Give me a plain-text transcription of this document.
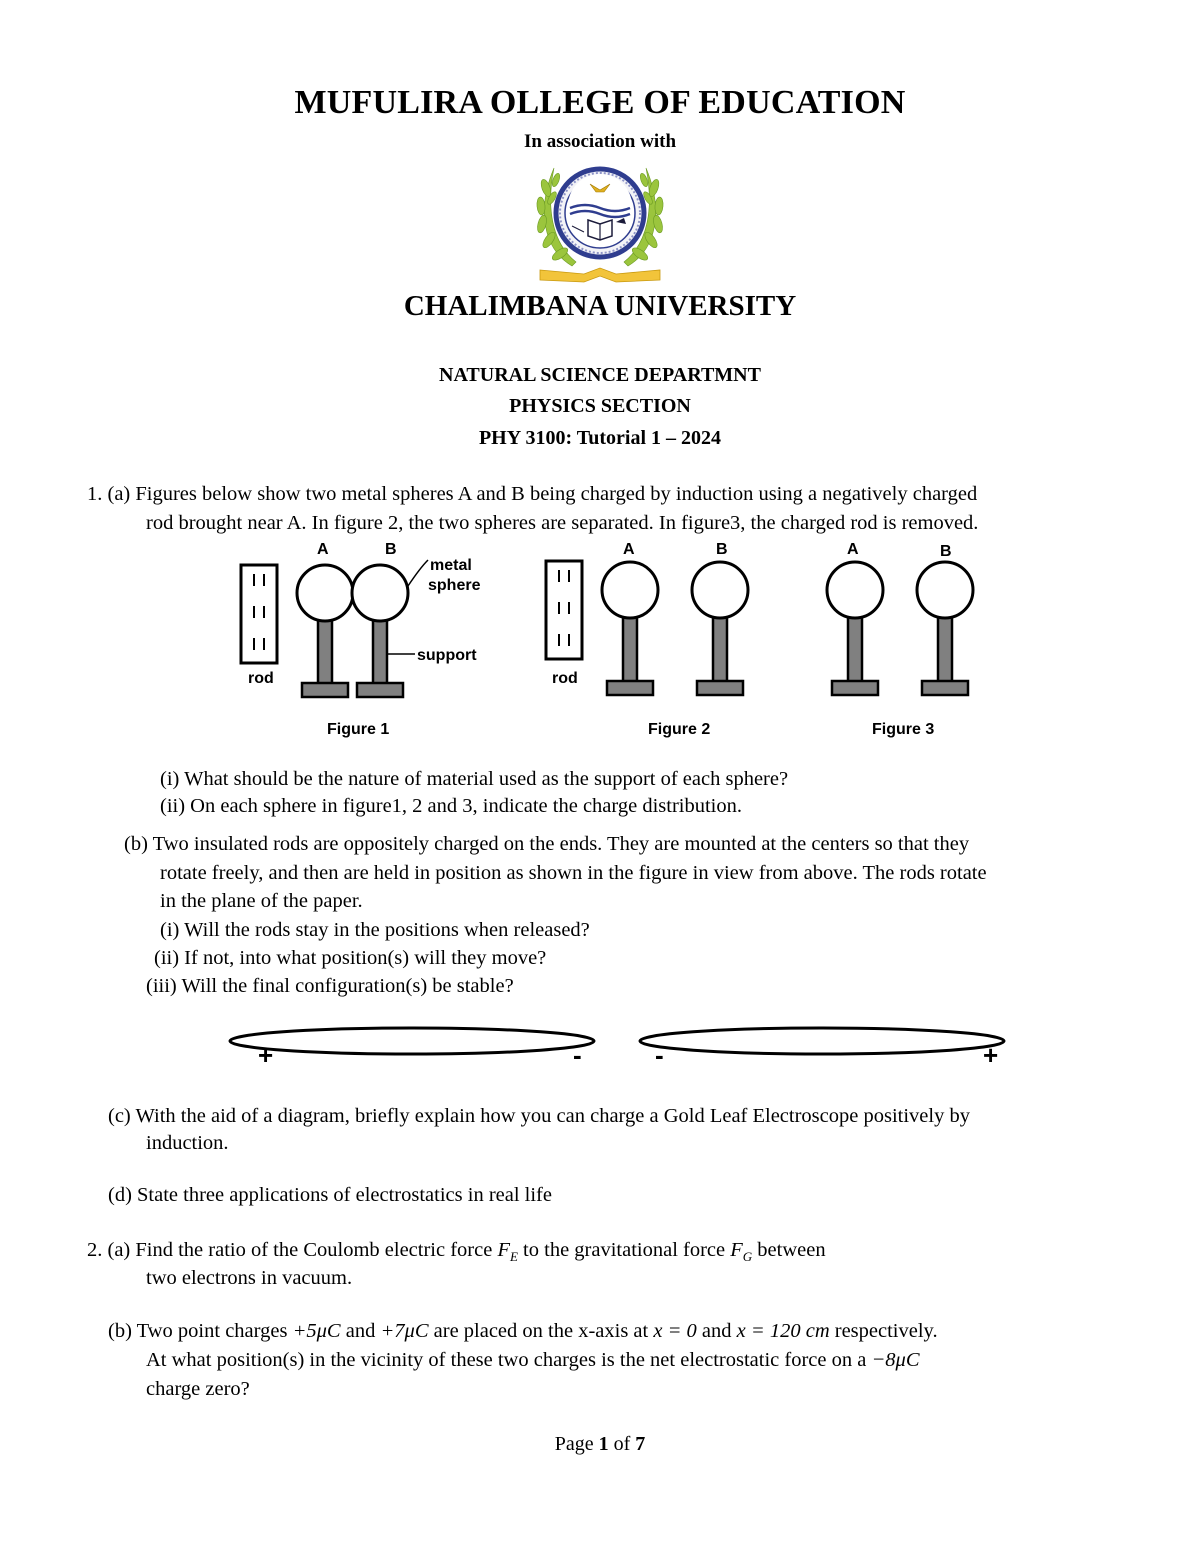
MUFULIRA OLLEGE OF EDUCATION
In association with
CHALIMBANA UNIVERSITY
NATURAL SCIENCE DEPARTMNT
PHYSICS SECTION
PHY 3100: Tutorial 1 – 2024
1. (a) Figures below show two metal spheres A and B being charged by induction using a negatively charged
rod brought near A. In figure 2, the two spheres are separated. In figure3, the charged rod is removed.
rod
A	B
metal
sphere
support
Figure 1
rod
A	B
Figure 2
A	B
Figure 3
(i) What should be the nature of material used as the support of each sphere?
(ii) On each sphere in figure1, 2 and 3, indicate the charge distribution.
(b) Two insulated rods are oppositely charged on the ends. They are mounted at the centers so that they
rotate freely, and then are held in position as shown in the figure in view from above. The rods rotate
in the plane of the paper.
(i) Will the rods stay in the positions when released?
(ii) If not, into what position(s) will they move?
(iii) Will the final configuration(s) be stable?
+	-	-	+
(c) With the aid of a diagram, briefly explain how you can charge a Gold Leaf Electroscope positively by
induction.
(d) State three applications of electrostatics in real life
2. (a) Find the ratio of the Coulomb electric force $F_E$ to the gravitational force $F_G$ between
two electrons in vacuum.
(b) Two point charges +5μC and +7μC are placed on the x-axis at x = 0 and x = 120 cm respectively.
At what position(s) in the vicinity of these two charges is the net electrostatic force on a −8μC
charge zero?
Page 1 of 7
